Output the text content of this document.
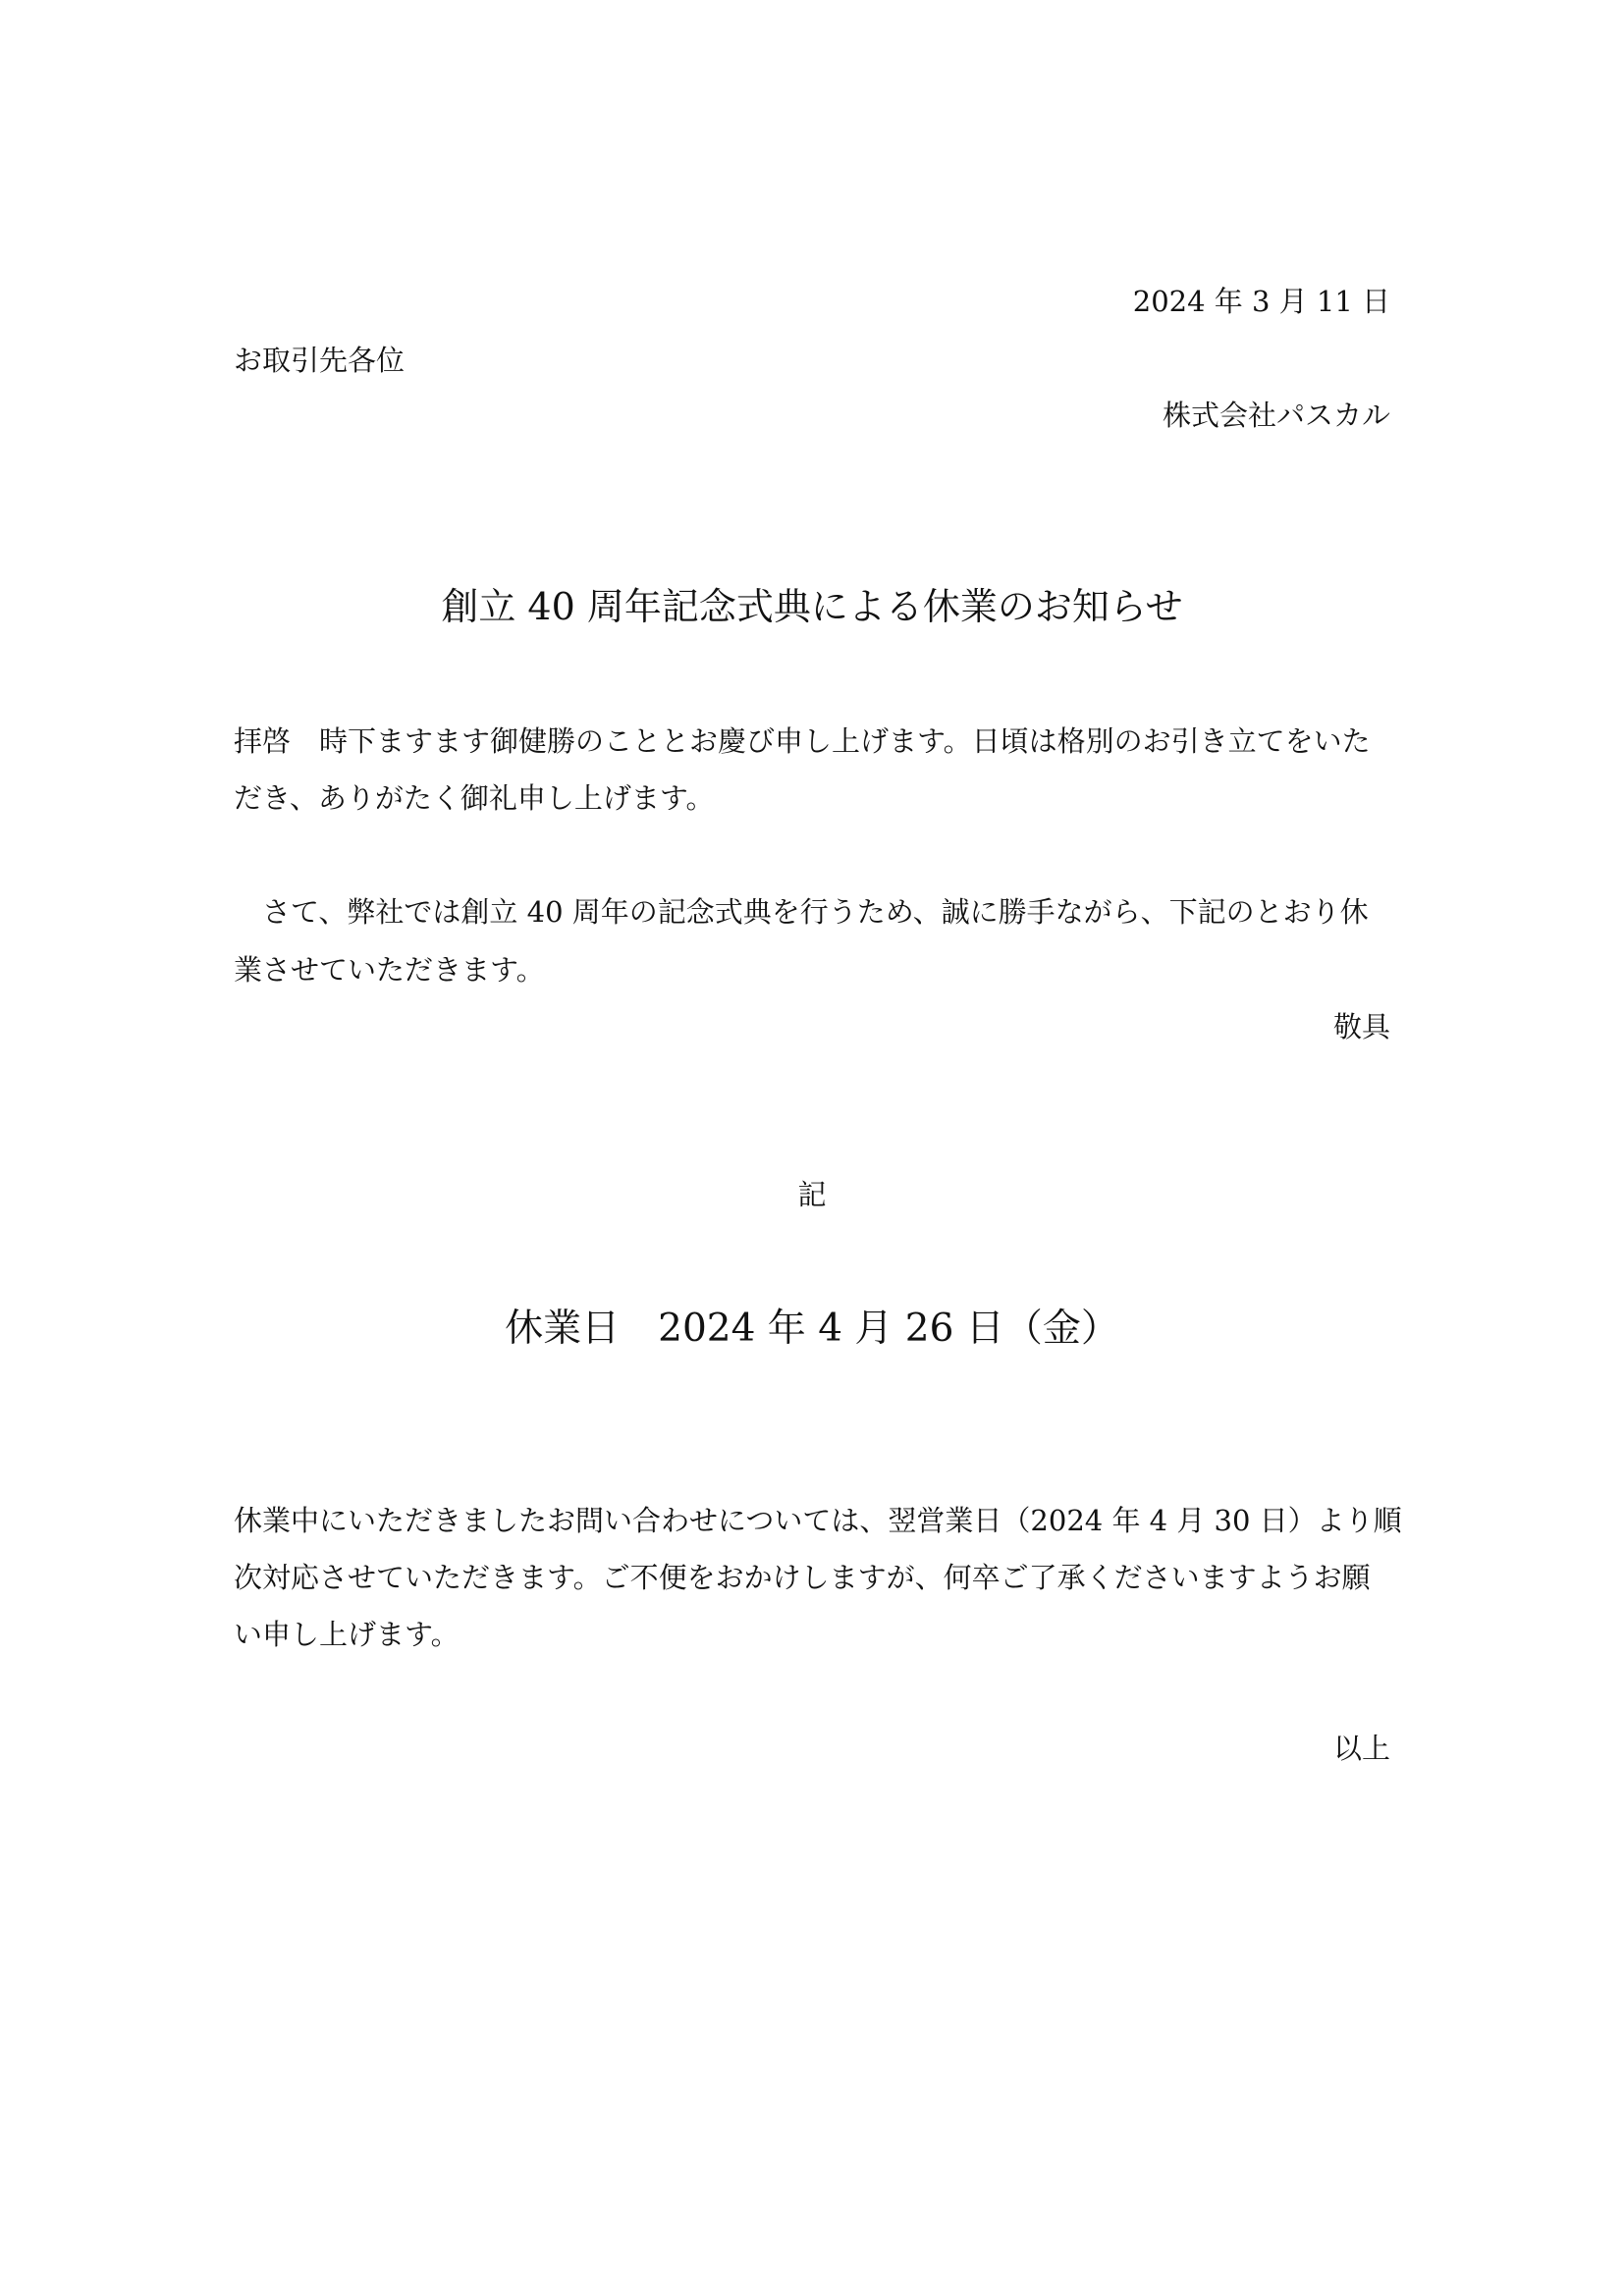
2024 年 3 月 11 日
お取引先各位
株式会社パスカル
創立 40 周年記念式典による休業のお知らせ
拝啓　時下ますます御健勝のこととお慶び申し上げます。日頃は格別のお引き立てをいた
だき、ありがたく御礼申し上げます。
　さて、弊社では創立 40 周年の記念式典を行うため、誠に勝手ながら、下記のとおり休
業させていただきます。
敬具
記
休業日　2024 年 4 月 26 日（金）
休業中にいただきましたお問い合わせについては、翌営業日（2024 年 4 月 30 日）より順
次対応させていただきます。ご不便をおかけしますが、何卒ご了承くださいますようお願
い申し上げます。
以上
